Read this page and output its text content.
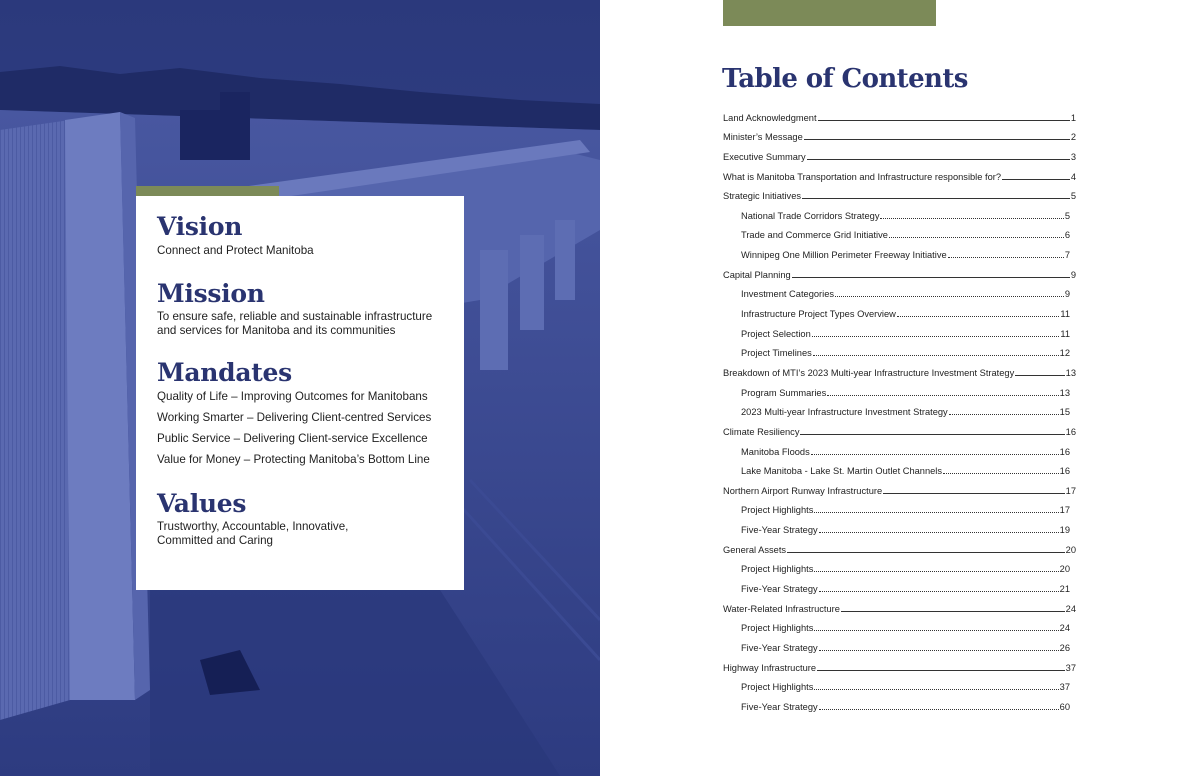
Vision
Connect and Protect Manitoba
Mission
To ensure safe, reliable and sustainable infrastructure
and services for Manitoba and its communities
Mandates
Quality of Life – Improving Outcomes for Manitobans
Working Smarter – Delivering Client-centred Services
Public Service – Delivering Client-service Excellence
Value for Money – Protecting Manitoba’s Bottom Line
Values
Trustworthy, Accountable, Innovative,
Committed and Caring
Table of Contents
Land Acknowledgment	1
Minister’s Message	2
Executive Summary	3
What is Manitoba Transportation and Infrastructure responsible for?	4
Strategic Initiatives	5
National Trade Corridors Strategy	5
Trade and Commerce Grid Initiative	6
Winnipeg One Million Perimeter Freeway Initiative	7
Capital Planning	9
Investment Categories	9
Infrastructure Project Types Overview	11
Project Selection	11
Project Timelines	12
Breakdown of MTI’s 2023 Multi-year Infrastructure Investment Strategy	13
Program Summaries	13
2023 Multi-year Infrastructure Investment Strategy	15
Climate Resiliency	16
Manitoba Floods	16
Lake Manitoba - Lake St. Martin Outlet Channels	16
Northern Airport Runway Infrastructure	17
Project Highlights	17
Five-Year Strategy	19
General Assets	20
Project Highlights	20
Five-Year Strategy	21
Water-Related Infrastructure	24
Project Highlights	24
Five-Year Strategy	26
Highway Infrastructure	37
Project Highlights	37
Five-Year Strategy	60
